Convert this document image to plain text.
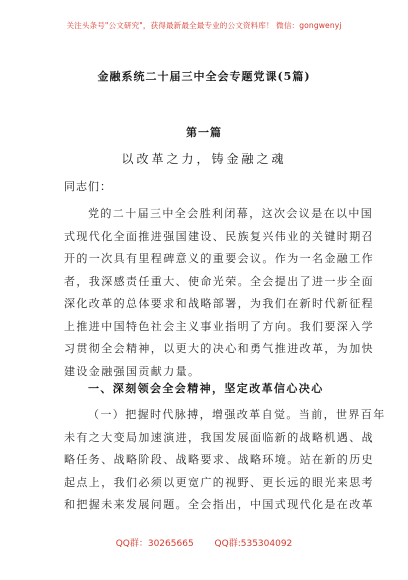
关注头条号"公文研究"，获得最新最全最专业的公文资料库！ 微信：gongwenyj
金融系统二十届三中全会专题党课(5篇)
第一篇
以改革之力，铸金融之魂
同志们：
党的二十届三中全会胜利闭幕，这次会议是在以中国
式现代化全面推进强国建设、民族复兴伟业的关键时期召
开的一次具有里程碑意义的重要会议。作为一名金融工作
者，我深感责任重大、使命光荣。全会提出了进一步全面
深化改革的总体要求和战略部署，为我们在新时代新征程
上推进中国特色社会主义事业指明了方向。我们要深入学
习贯彻全会精神，以更大的决心和勇气推进改革，为加快
建设金融强国贡献力量。
一、深刻领会全会精神，坚定改革信心决心
（一）把握时代脉搏，增强改革自觉。当前，世界百年
未有之大变局加速演进，我国发展面临新的战略机遇、战
略任务、战略阶段、战略要求、战略环境。站在新的历史
起点上，我们必须以更宽广的视野、更长远的眼光来思考
和把握未来发展问题。全会指出，中国式现代化是在改革
QQ群：30265665 QQ群:535304092
